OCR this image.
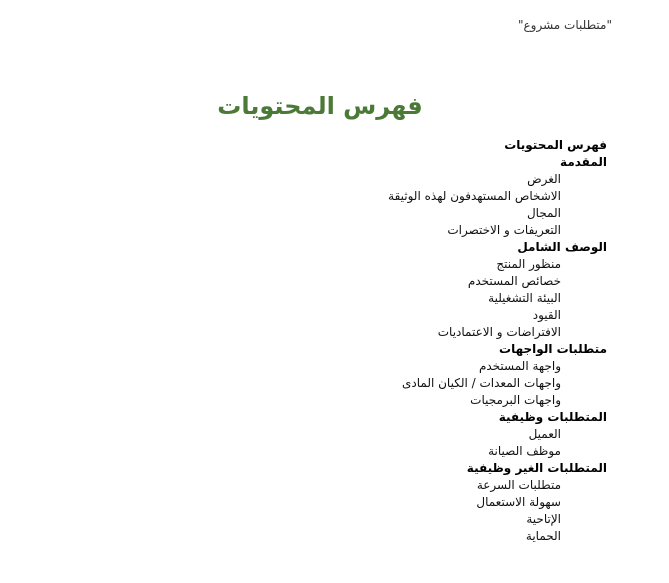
"متطلبات مشروع"
فهرس المحتويات
فهرس المحتويات
المقدمة
الغرض
الاشخاص المستهدفون لهذه الوثيقة
المجال
التعريفات و الاختصرات
الوصف الشامل
منظور المنتج
خصائص المستخدم
البيئة التشغيلية
القيود
الافتراضات و الاعتماديات
متطلبات الواجهات
واجهة المستخدم
واجهات المعدات / الكيان المادى
واجهات البرمجيات
المتطلبات وظيفية
العميل
موظف الصيانة
المتطلبات الغير وظيفية
متطلبات السرعة
سهولة الاستعمال
الإتاحية
الحماية
